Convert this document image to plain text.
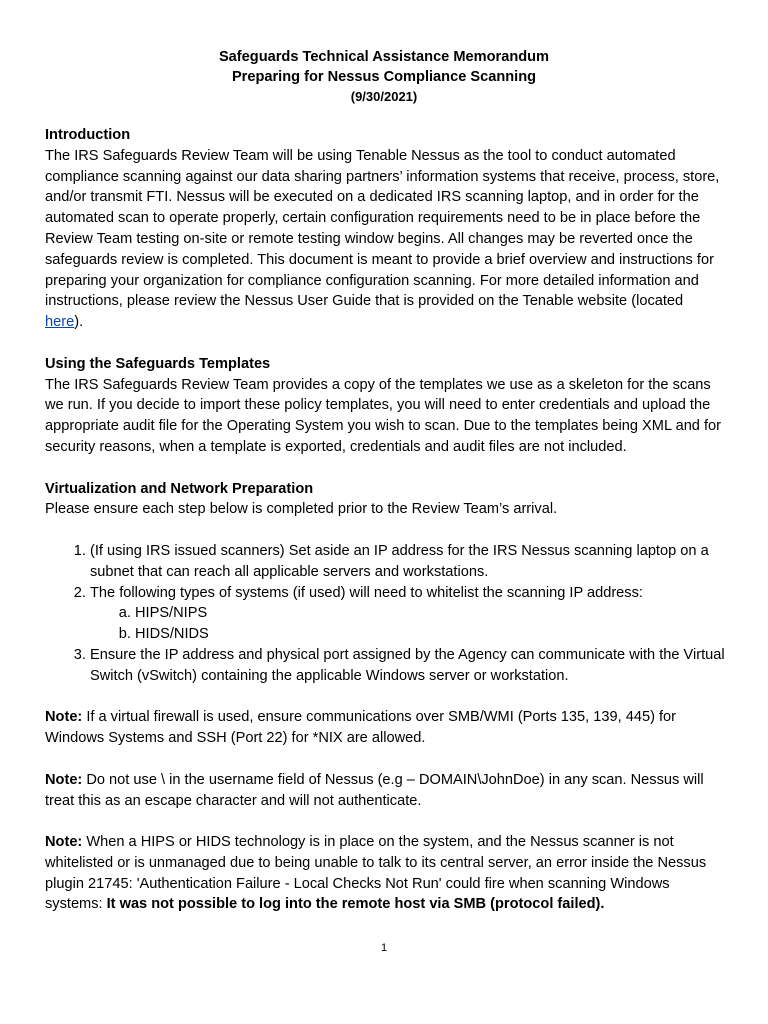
Safeguards Technical Assistance Memorandum
Preparing for Nessus Compliance Scanning
(9/30/2021)
Introduction

The IRS Safeguards Review Team will be using Tenable Nessus as the tool to conduct automated compliance scanning against our data sharing partners’ information systems that receive, process, store, and/or transmit FTI. Nessus will be executed on a dedicated IRS scanning laptop, and in order for the automated scan to operate properly, certain configuration requirements need to be in place before the Review Team testing on-site or remote testing window begins. All changes may be reverted once the safeguards review is completed. This document is meant to provide a brief overview and instructions for preparing your organization for compliance configuration scanning. For more detailed information and instructions, please review the Nessus User Guide that is provided on the Tenable website (located here).

Using the Safeguards Templates

The IRS Safeguards Review Team provides a copy of the templates we use as a skeleton for the scans we run. If you decide to import these policy templates, you will need to enter credentials and upload the appropriate audit file for the Operating System you wish to scan. Due to the templates being XML and for security reasons, when a template is exported, credentials and audit files are not included.

Virtualization and Network Preparation

Please ensure each step below is completed prior to the Review Team’s arrival.

1. (If using IRS issued scanners) Set aside an IP address for the IRS Nessus scanning laptop on a subnet that can reach all applicable servers and workstations.
2. The following types of systems (if used) will need to whitelist the scanning IP address:
a. HIPS/NIPS
b. HIDS/NIDS
3. Ensure the IP address and physical port assigned by the Agency can communicate with the Virtual Switch (vSwitch) containing the applicable Windows server or workstation.

Note: If a virtual firewall is used, ensure communications over SMB/WMI (Ports 135, 139, 445) for Windows Systems and SSH (Port 22) for *NIX are allowed.

Note: Do not use \ in the username field of Nessus (e.g – DOMAIN\JohnDoe) in any scan. Nessus will treat this as an escape character and will not authenticate.

Note: When a HIPS or HIDS technology is in place on the system, and the Nessus scanner is not whitelisted or is unmanaged due to being unable to talk to its central server, an error inside the Nessus plugin 21745: 'Authentication Failure - Local Checks Not Run' could fire when scanning Windows systems: It was not possible to log into the remote host via SMB (protocol failed).

1
